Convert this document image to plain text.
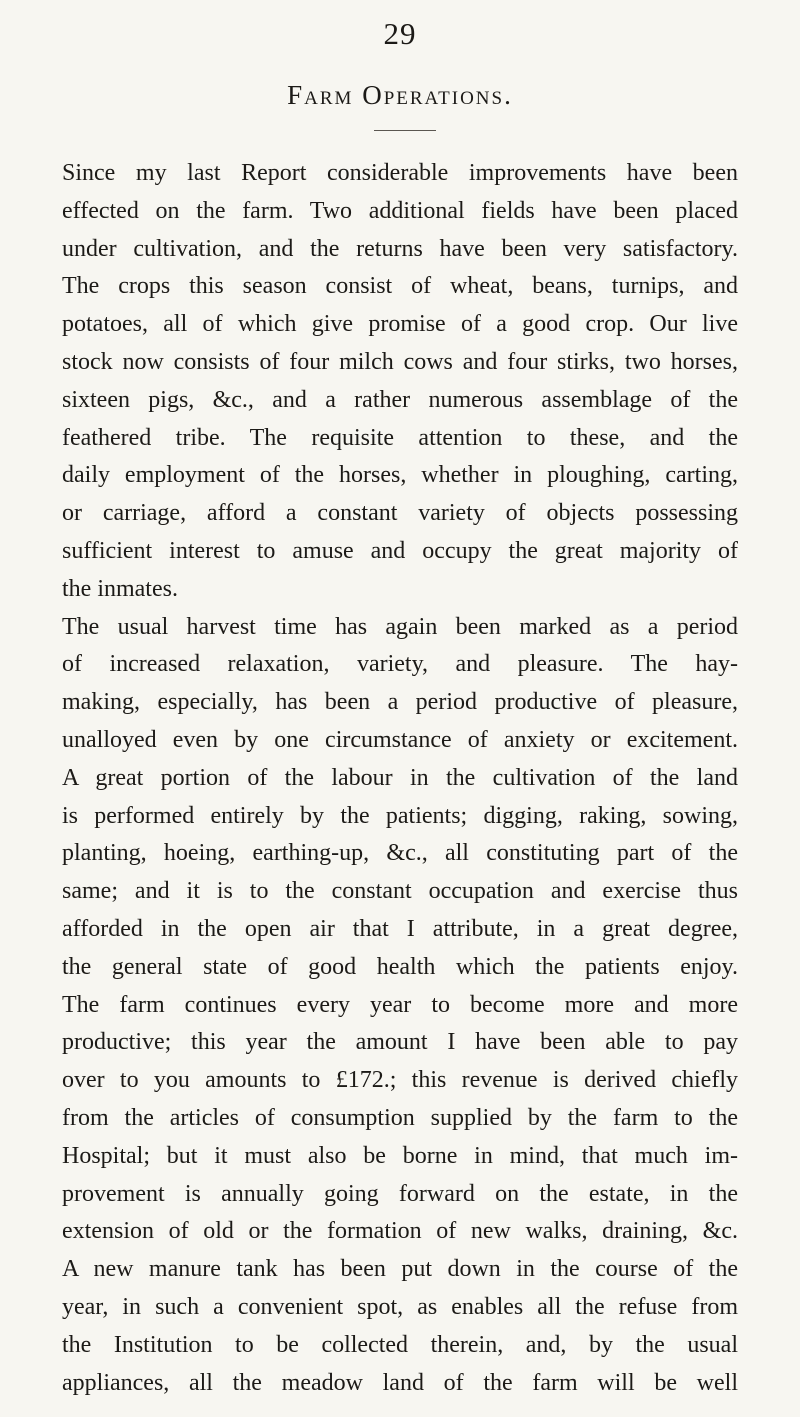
29
Farm Operations.
Since my last Report considerable improvements have been
effected on the farm. Two additional fields have been placed
under cultivation, and the returns have been very satisfactory.
The crops this season consist of wheat, beans, turnips, and
potatoes, all of which give promise of a good crop. Our live
stock now consists of four milch cows and four stirks, two horses,
sixteen pigs, &c., and a rather numerous assemblage of the
feathered tribe. The requisite attention to these, and the
daily employment of the horses, whether in ploughing, carting,
or carriage, afford a constant variety of objects possessing
sufficient interest to amuse and occupy the great majority of
the inmates.
The usual harvest time has again been marked as a period
of increased relaxation, variety, and pleasure. The hay-
making, especially, has been a period productive of pleasure,
unalloyed even by one circumstance of anxiety or excitement.
A great portion of the labour in the cultivation of the land
is performed entirely by the patients; digging, raking, sowing,
planting, hoeing, earthing-up, &c., all constituting part of the
same; and it is to the constant occupation and exercise thus
afforded in the open air that I attribute, in a great degree,
the general state of good health which the patients enjoy.
The farm continues every year to become more and more
productive; this year the amount I have been able to pay
over to you amounts to £172.; this revenue is derived chiefly
from the articles of consumption supplied by the farm to the
Hospital; but it must also be borne in mind, that much im-
provement is annually going forward on the estate, in the
extension of old or the formation of new walks, draining, &c.
A new manure tank has been put down in the course of the
year, in such a convenient spot, as enables all the refuse from
the Institution to be collected therein, and, by the usual
appliances, all the meadow land of the farm will be well
